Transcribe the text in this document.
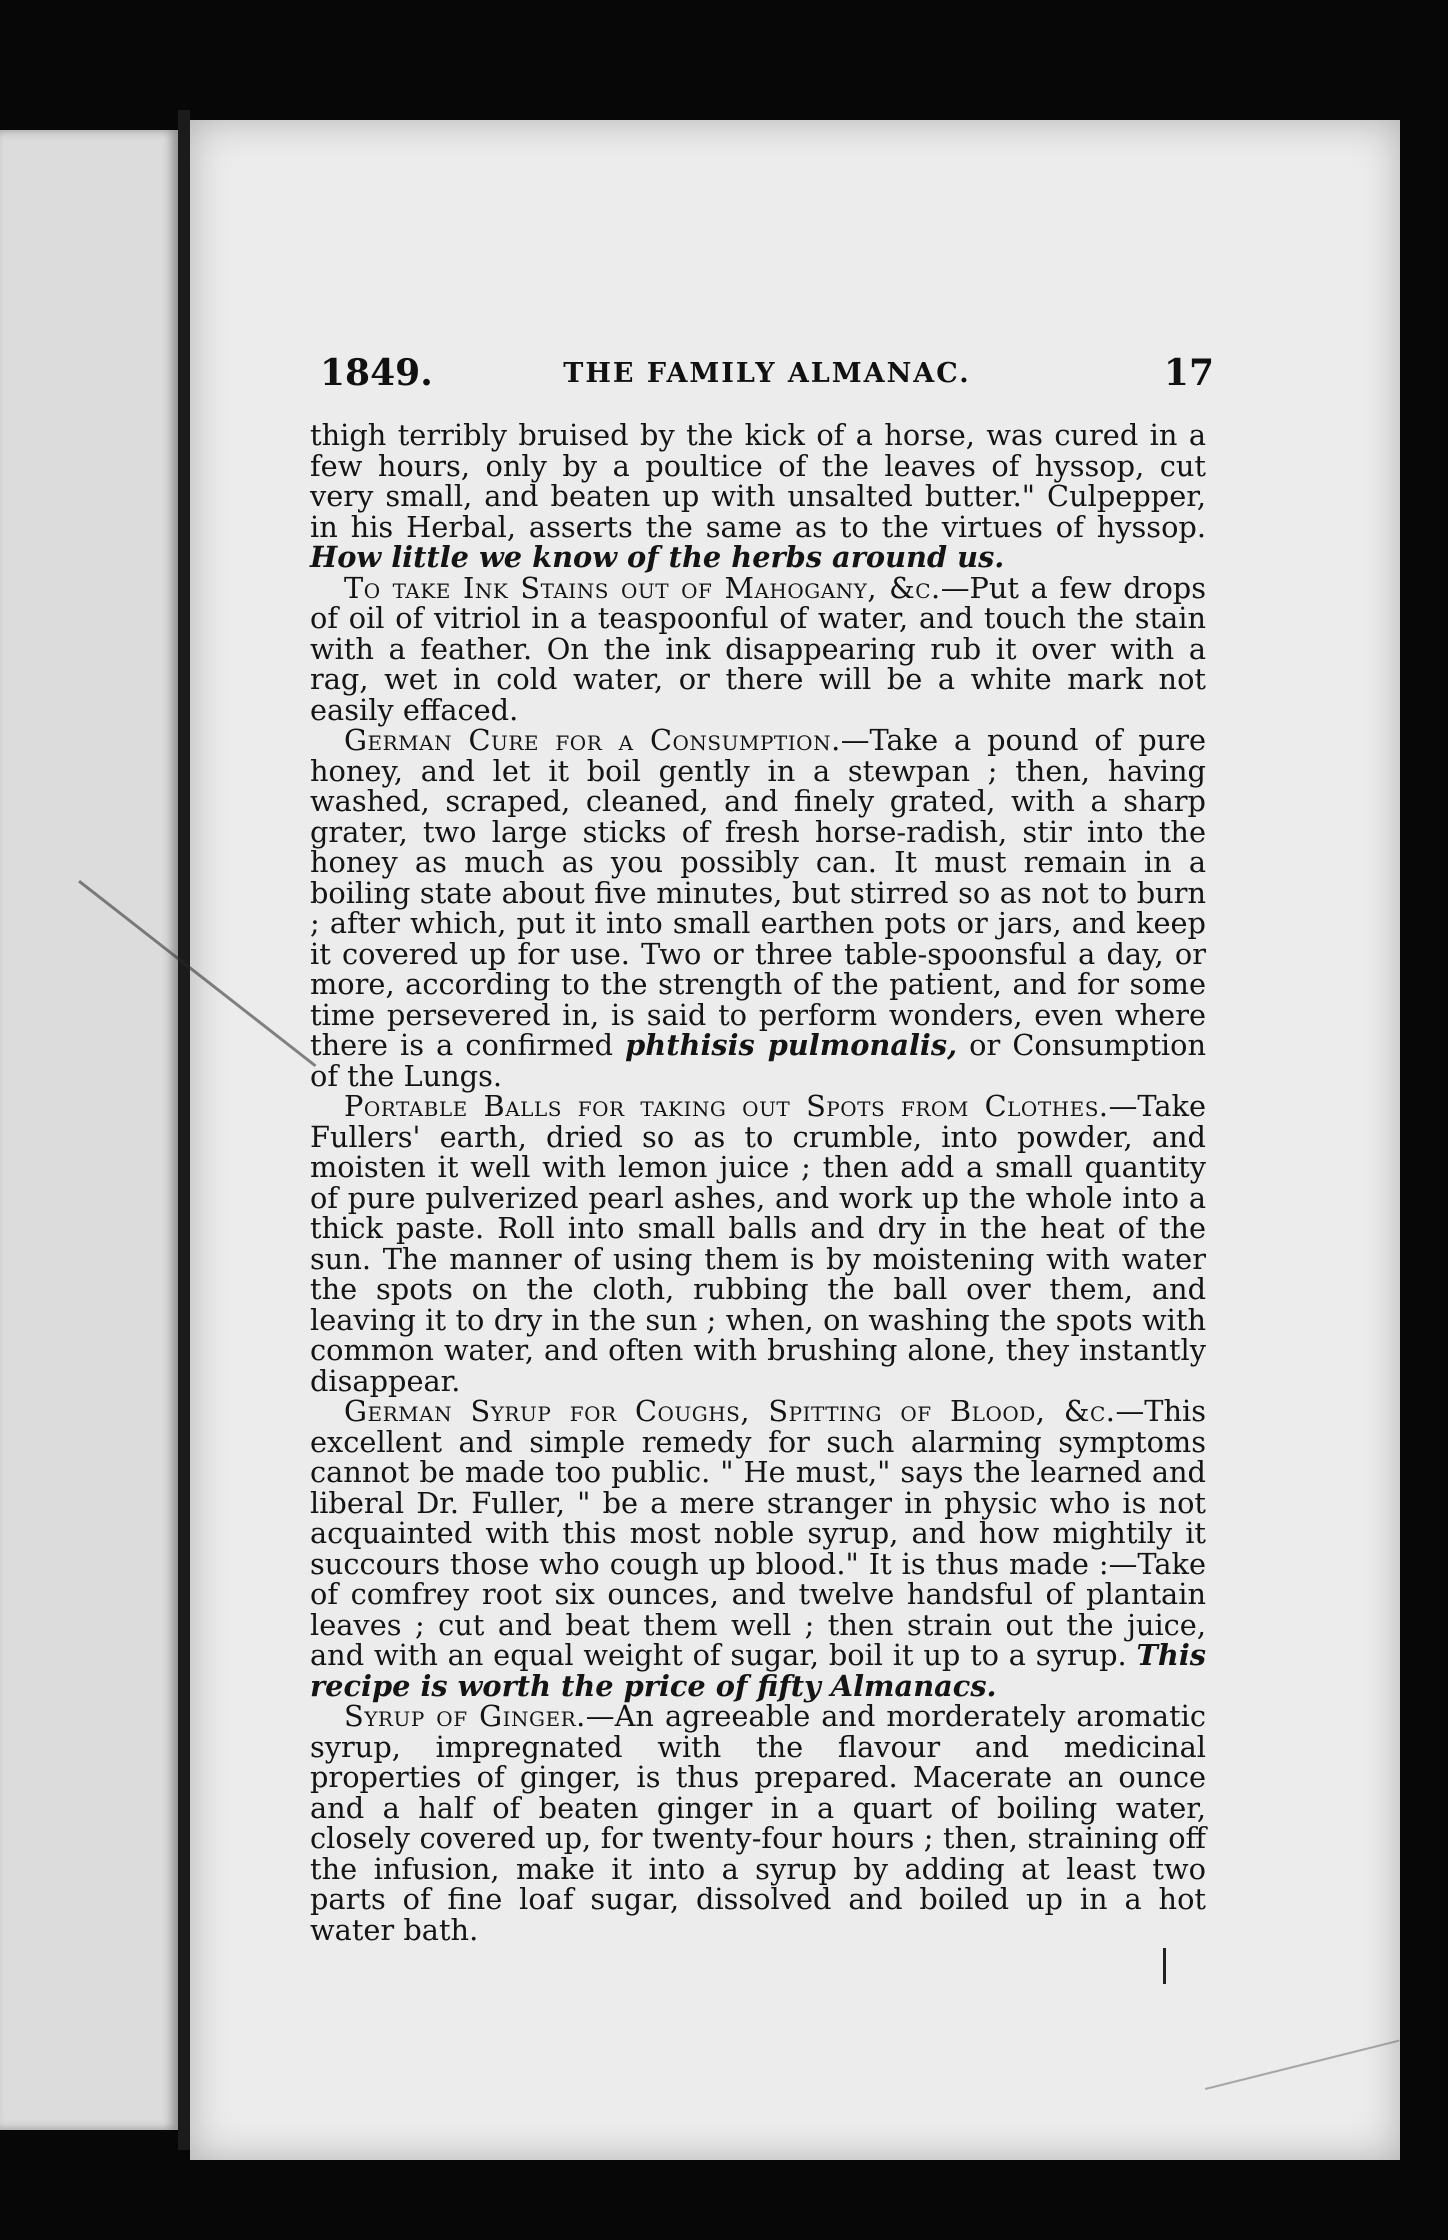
1849.	THE FAMILY ALMANAC.	17

thigh terribly bruised by the kick of a horse, was cured in a few hours, only by a poultice of the leaves of hyssop, cut very small, and beaten up with unsalted butter." Culpepper, in his Herbal, asserts the same as to the virtues of hyssop. How little we know of the herbs around us.

To take Ink Stains out of Mahogany, &c.—Put a few drops of oil of vitriol in a teaspoonful of water, and touch the stain with a feather. On the ink disappearing rub it over with a rag, wet in cold water, or there will be a white mark not easily effaced.

German Cure for a Consumption.—Take a pound of pure honey, and let it boil gently in a stewpan ; then, having washed, scraped, cleaned, and finely grated, with a sharp grater, two large sticks of fresh horse-radish, stir into the honey as much as you possibly can. It must remain in a boiling state about five minutes, but stirred so as not to burn ; after which, put it into small earthen pots or jars, and keep it covered up for use. Two or three table-spoonsful a day, or more, according to the strength of the patient, and for some time persevered in, is said to perform wonders, even where there is a confirmed phthisis pulmonalis, or Consumption of the Lungs.

Portable Balls for taking out Spots from Clothes.—Take Fullers' earth, dried so as to crumble, into powder, and moisten it well with lemon juice ; then add a small quantity of pure pulverized pearl ashes, and work up the whole into a thick paste. Roll into small balls and dry in the heat of the sun. The manner of using them is by moistening with water the spots on the cloth, rubbing the ball over them, and leaving it to dry in the sun ; when, on washing the spots with common water, and often with brushing alone, they instantly disappear.

German Syrup for Coughs, Spitting of Blood, &c.—This excellent and simple remedy for such alarming symptoms cannot be made too public. " He must," says the learned and liberal Dr. Fuller, " be a mere stranger in physic who is not acquainted with this most noble syrup, and how mightily it succours those who cough up blood." It is thus made :—Take of comfrey root six ounces, and twelve handsful of plantain leaves ; cut and beat them well ; then strain out the juice, and with an equal weight of sugar, boil it up to a syrup. This recipe is worth the price of fifty Almanacs.

Syrup of Ginger.—An agreeable and morderately aromatic syrup, impregnated with the flavour and medicinal properties of ginger, is thus prepared. Macerate an ounce and a half of beaten ginger in a quart of boiling water, closely covered up, for twenty-four hours ; then, straining off the infusion, make it into a syrup by adding at least two parts of fine loaf sugar, dissolved and boiled up in a hot water bath.
